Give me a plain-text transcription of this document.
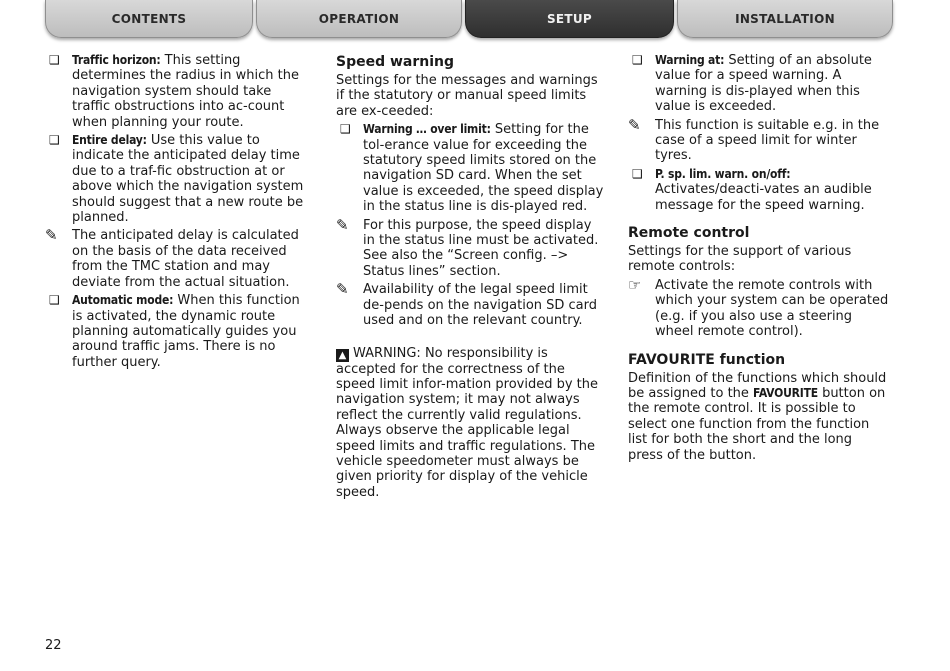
CONTENTS	OPERATION	SETUP	INSTALLATION
❑	Traffic horizon: This setting determines the radius in which the navigation system should take traffic obstructions into ac-count when planning your route.
❑	Entire delay: Use this value to indicate the anticipated delay time due to a traf-fic obstruction at or above which the navigation system should suggest that a new route be planned.
✎	The anticipated delay is calculated on the basis of the data received from the TMC station and may deviate from the actual situation.
❑	Automatic mode: When this function is activated, the dynamic route planning automatically guides you around traffic jams. There is no further query.
Speed warning

Settings for the messages and warnings if the statutory or manual speed limits are ex-ceeded:

❑	Warning … over limit: Setting for the tol-erance value for exceeding the statutory speed limits stored on the navigation SD card. When the set value is exceeded, the speed display in the status line is dis-played red.
✎	For this purpose, the speed display in the status line must be activated. See also the “Screen config. –> Status lines” section.
✎	Availability of the legal speed limit de-pends on the navigation SD card used and on the relevant country.

▲ WARNING: No responsibility is accepted for the correctness of the speed limit infor-mation provided by the navigation system; it may not always reflect the currently valid regulations. Always observe the applicable legal speed limits and traffic regulations. The vehicle speedometer must always be given priority for display of the vehicle speed.

❑	Warning at: Setting of an absolute value for a speed warning. A warning is dis-played when this value is exceeded.
✎	This function is suitable e.g. in the case of a speed limit for winter tyres.
❑	P. sp. lim. warn. on/off: Activates/deacti-vates an audible message for the speed warning.
Remote control

Settings for the support of various remote controls:

☞	Activate the remote controls with which your system can be operated (e.g. if you also use a steering wheel remote control).
FAVOURITE function

Definition of the functions which should be assigned to the FAVOURITE button on the remote control. It is possible to select one function from the function list for both the short and the long press of the button.

22
